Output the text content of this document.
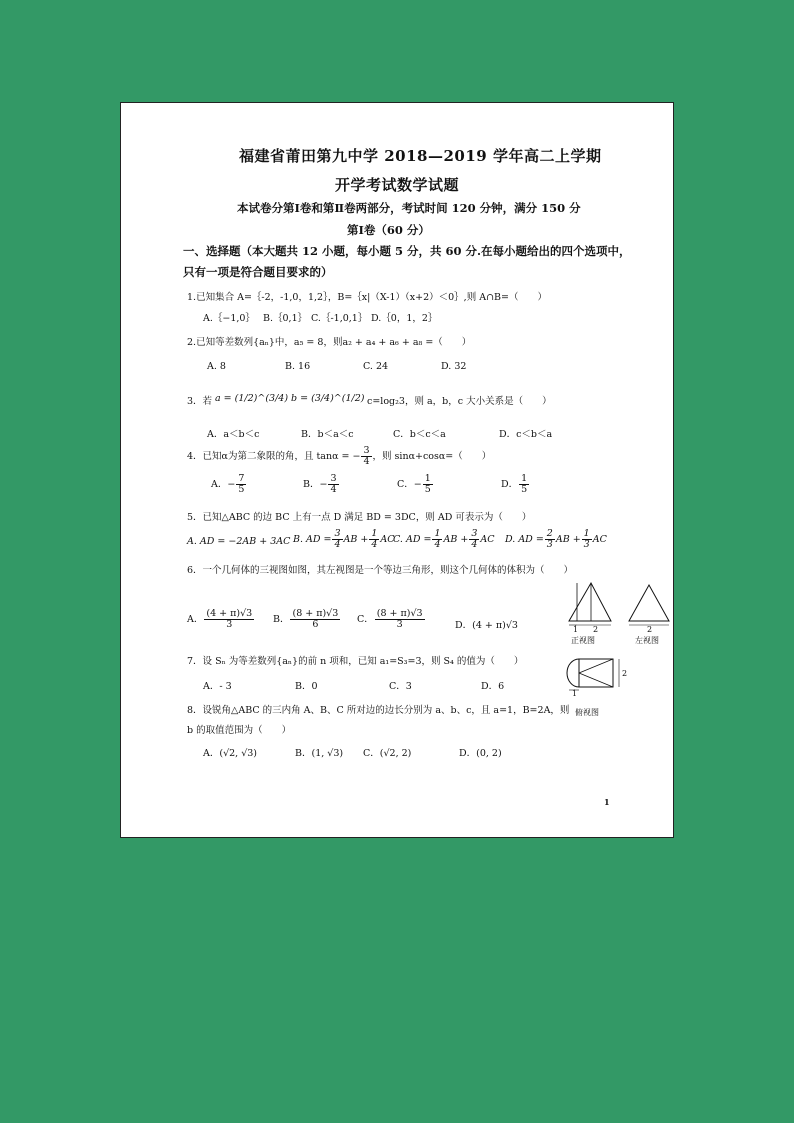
福建省莆田第九中学 2018—2019 学年高二上学期
开学考试数学试题
本试卷分第Ⅰ卷和第Ⅱ卷两部分，考试时间 120 分钟，满分 150 分
第Ⅰ卷（60 分）
一、选择题（本大题共 12 小题，每小题 5 分，共 60 分.在每小题给出的四个选项中，
只有一项是符合题目要求的）
1.已知集合 A=｛-2，-1,0，1,2｝，B=｛x|（X-1）（x+2）＜0｝,则 A∩B=（　　）
A.｛−1,0｝ B.｛0,1｝ C.｛-1,0,1｝ D.｛0，1，2｝
2.已知等差数列{aₙ}中，a₅ = 8，则a₂ + a₄ + a₆ + a₈ =（　　）
A. 8	B. 16	C. 24	D. 32
3．若 a = (1/2)^(3/4) b = (3/4)^(1/2) c=log₂3，则 a，b，c 大小关系是（　　）
A．a＜b＜c	B．b＜a＜c	C．b＜c＜a	D．c＜b＜a
4．已知α为第二象限的角，且 tanα = − $\frac{3}{4}$ ，则 sinα+cosα=（　　）
A．− $\frac{7}{5}$	B．− $\frac{3}{4}$	C．− $\frac{1}{5}$	D． $\frac{1}{5}$
5．已知△ABC 的边 BC 上有一点 D 满足 BD = 3DC，则 AD 可表示为（　　）
A. AD = −2AB + 3AC B. AD = $\frac{3}{4}$ AB + $\frac{1}{4}$ AC
C. AD = $\frac{1}{4}$ AB + $\frac{3}{4}$ AC D. AD = $\frac{2}{3}$ AB + $\frac{1}{3}$ AC
6．一个几何体的三视图如图，其左视图是一个等边三角形，则这个几何体的体积为（　　）
A． $\frac{(4 + \pi)√3}{3}$ B． $\frac{(8 + \pi)√3}{6}$ C． $\frac{(8 + \pi)√3}{3}$	D．(4 + π)√3	1 2	2
正视图	左视图
2
1
俯视图
7．设 Sₙ 为等差数列{aₙ}的前 n 项和，已知 a₁=S₃=3，则 S₄ 的值为（　　）
A．- 3	B．0	C．3	D．6
8．设锐角△ABC 的三内角 A、B、C 所对边的边长分别为 a、b、c，且 a=1，B=2A，则
b 的取值范围为（　　）
A．(√2, √3)	B．(1, √3) C．(√2, 2)	D．(0, 2)
1
